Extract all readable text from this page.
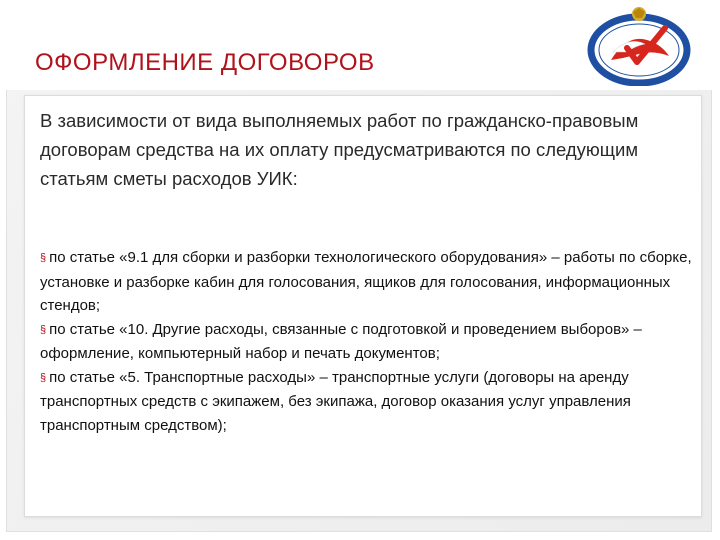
ОФОРМЛЕНИЕ ДОГОВОРОВ

В зависимости от вида выполняемых работ по гражданско-правовым договорам средства на их оплату предусматриваются по следующим статьям сметы расходов УИК:

§ по статье «9.1 для сборки и разборки технологического оборудования» – работы по сборке, установке и разборке кабин для голосования, ящиков для голосования, информационных стендов;
§ по статье «10. Другие расходы, связанные с подготовкой и проведением выборов» – оформление, компьютерный набор и печать документов;
§ по статье «5. Транспортные расходы» – транспортные услуги (договоры на аренду транспортных средств с экипажем, без экипажа, договор оказания услуг управления транспортным средством);
